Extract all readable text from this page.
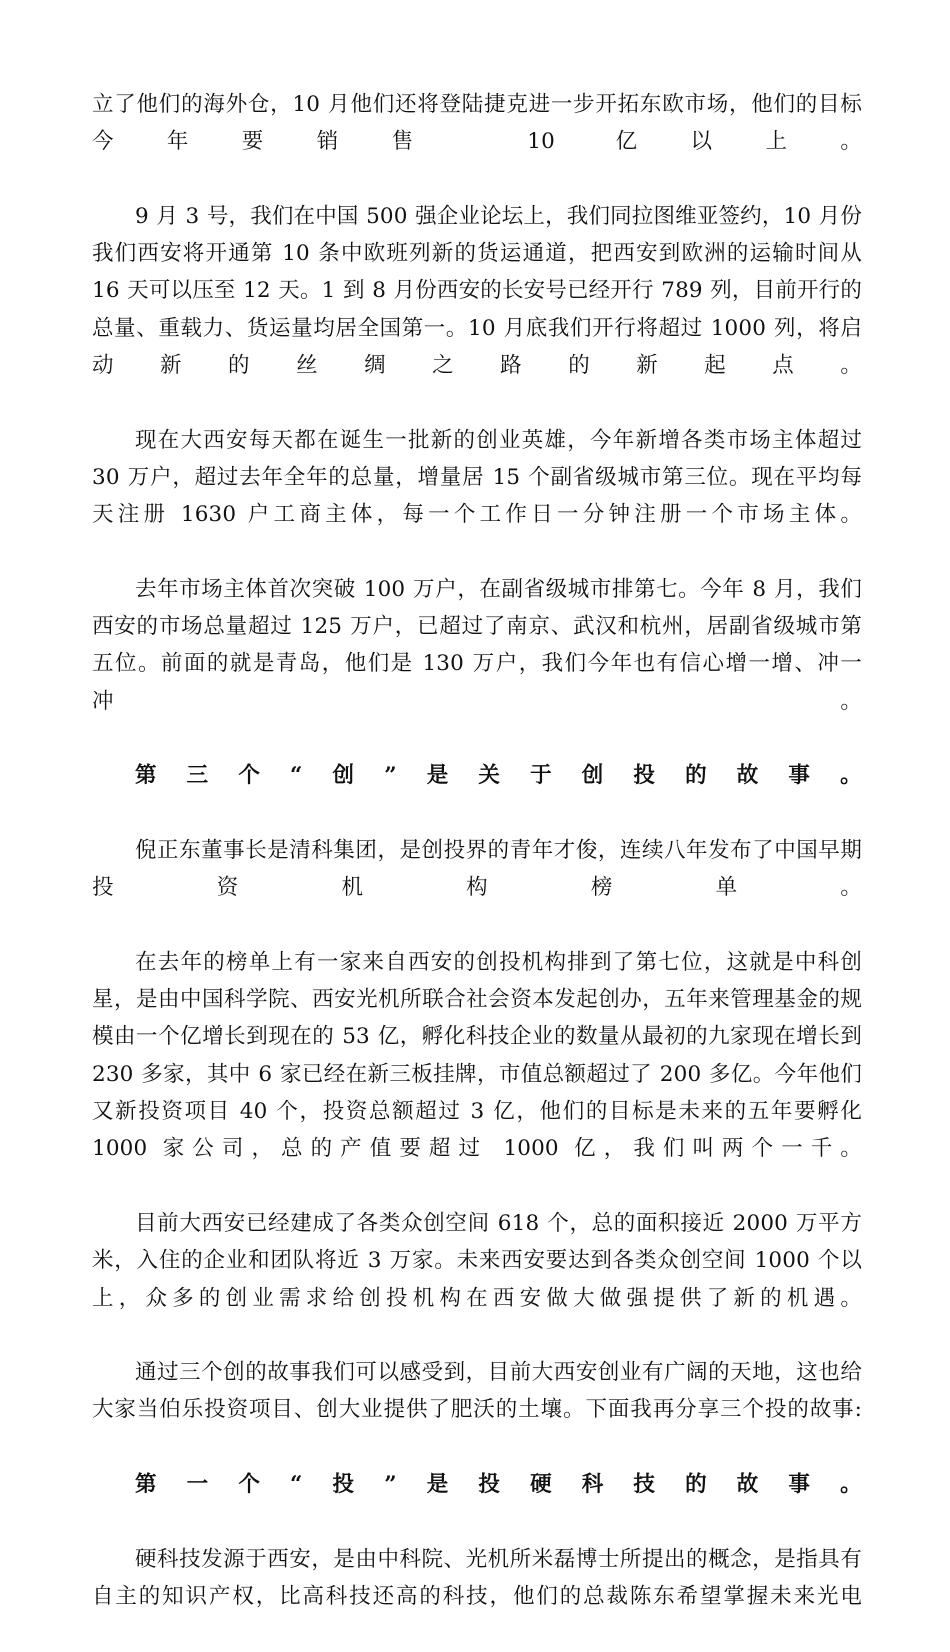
立了他们的海外仓，10 月他们还将登陆捷克进一步开拓东欧市场，他们的目标今年要销售 10 亿以上。

9 月 3 号，我们在中国 500 强企业论坛上，我们同拉图维亚签约，10 月份我们西安将开通第 10 条中欧班列新的货运通道，把西安到欧洲的运输时间从 16 天可以压至 12 天。1 到 8 月份西安的长安号已经开行 789 列，目前开行的总量、重载力、货运量均居全国第一。10 月底我们开行将超过 1000 列，将启动新的丝绸之路的新起点。

现在大西安每天都在诞生一批新的创业英雄，今年新增各类市场主体超过 30 万户，超过去年全年的总量，增量居 15 个副省级城市第三位。现在平均每天注册 1630 户工商主体，每一个工作日一分钟注册一个市场主体。

去年市场主体首次突破 100 万户，在副省级城市排第七。今年 8 月，我们西安的市场总量超过 125 万户，已超过了南京、武汉和杭州，居副省级城市第五位。前面的就是青岛，他们是 130 万户，我们今年也有信心增一增、冲一冲。

第三个“创”是关于创投的故事。

倪正东董事长是清科集团，是创投界的青年才俊，连续八年发布了中国早期投资机构榜单。

在去年的榜单上有一家来自西安的创投机构排到了第七位，这就是中科创星，是由中国科学院、西安光机所联合社会资本发起创办，五年来管理基金的规模由一个亿增长到现在的 53 亿，孵化科技企业的数量从最初的九家现在增长到 230 多家，其中 6 家已经在新三板挂牌，市值总额超过了 200 多亿。今年他们又新投资项目 40 个，投资总额超过 3 亿，他们的目标是未来的五年要孵化 1000 家公司，总的产值要超过 1000 亿，我们叫两个一千。

目前大西安已经建成了各类众创空间 618 个，总的面积接近 2000 万平方米，入住的企业和团队将近 3 万家。未来西安要达到各类众创空间 1000 个以上，众多的创业需求给创投机构在西安做大做强提供了新的机遇。

通过三个创的故事我们可以感受到，目前大西安创业有广阔的天地，这也给大家当伯乐投资项目、创大业提供了肥沃的土壤。下面我再分享三个投的故事:

第一个“投”是投硬科技的故事。

硬科技发源于西安，是由中科院、光机所米磊博士所提出的概念，是指具有自主的知识产权，比高科技还高的科技，他们的总裁陈东希望掌握未来光电
